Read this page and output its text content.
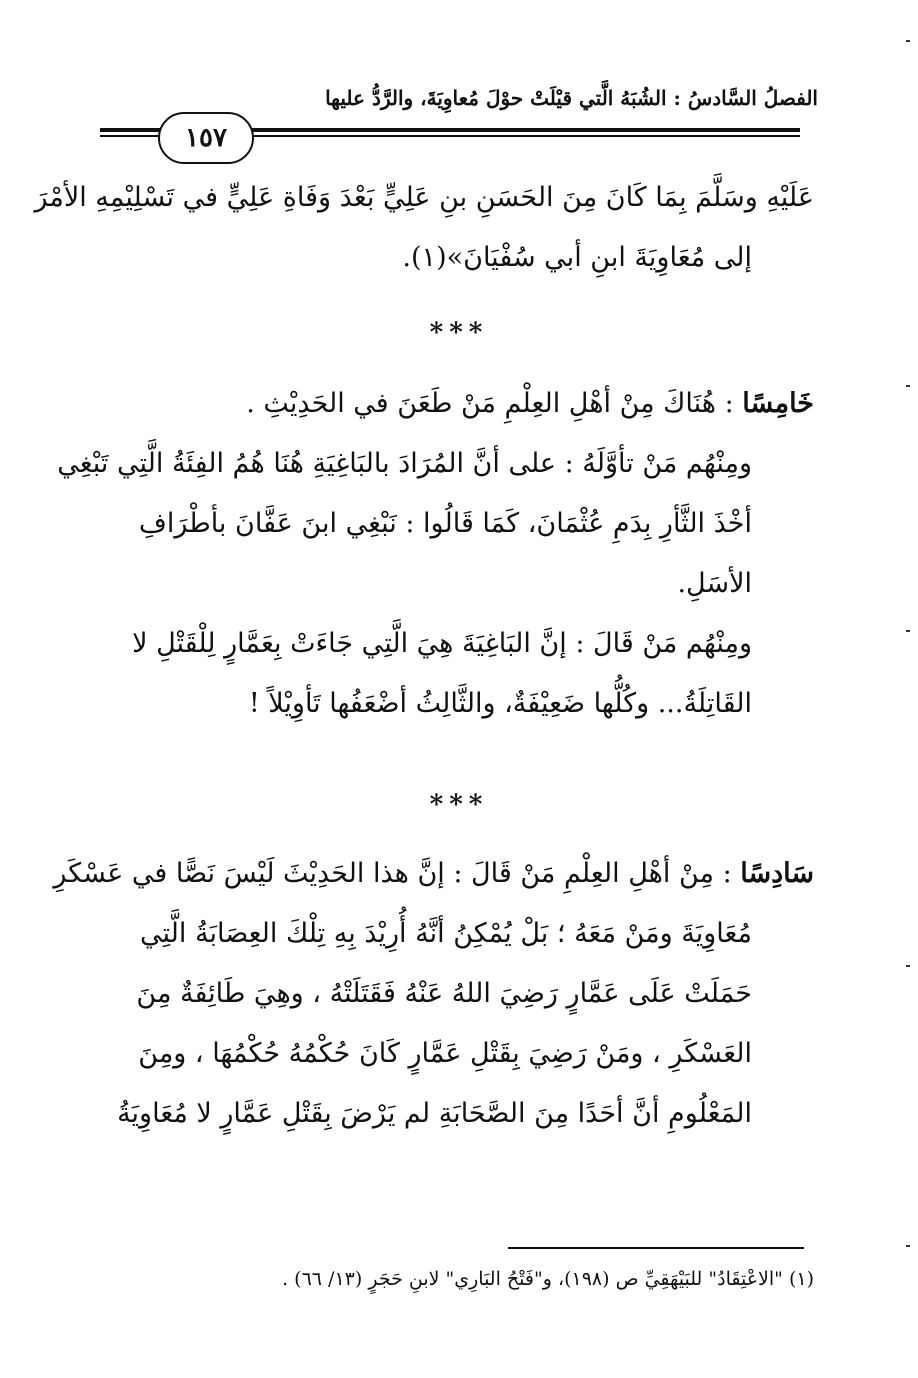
الفصلُ السَّادسُ : الشُبَهُ الَّتي قيْلَتْ حوْلَ مُعاوِيَةَ، والرَّدُّ عليها
١٥٧
عَلَيْهِ وسَلَّمَ بِمَا كَانَ مِنَ الحَسَنِ بنِ عَلِيٍّ بَعْدَ وَفَاةِ عَلِيٍّ في تَسْلِيْمِهِ الأمْرَ
إلى مُعَاوِيَةَ ابنِ أبي سُفْيَانَ»(١).
***
خَامِسًا : هُنَاكَ مِنْ أهْلِ العِلْمِ مَنْ طَعَنَ في الحَدِيْثِ .
ومِنْهُم مَنْ تأوَّلَهُ : على أنَّ المُرَادَ بالبَاغِيَةِ هُنَا هُمُ الفِئَةُ الَّتِي تَبْغِي
أخْذَ الثَّأرِ بِدَمِ عُثْمَانَ، كَمَا قَالُوا : نَبْغِي ابنَ عَفَّانَ بأطْرَافِ
الأسَلِ.
ومِنْهُم مَنْ قَالَ : إنَّ البَاغِيَةَ هِيَ الَّتِي جَاءَتْ بِعَمَّارٍ لِلْقَتْلِ لا
القَاتِلَةُ... وكُلُّها ضَعِيْفَةٌ، والثَّالِثُ أضْعَفُها تَأوِيْلاً !
***
سَادِسًا : مِنْ أهْلِ العِلْمِ مَنْ قَالَ : إنَّ هذا الحَدِيْثَ لَيْسَ نَصًّا في عَسْكَرِ
مُعَاوِيَةَ ومَنْ مَعَهُ ؛ بَلْ يُمْكِنُ أنَّهُ أُرِيْدَ بِهِ تِلْكَ العِصَابَةُ الَّتِي
حَمَلَتْ عَلَى عَمَّارٍ رَضِيَ اللهُ عَنْهُ فَقَتَلَتْهُ ، وهِيَ طَائِفَةٌ مِنَ
العَسْكَرِ ، ومَنْ رَضِيَ بِقَتْلِ عَمَّارٍ كَانَ حُكْمُهُ حُكْمُهَا ، ومِنَ
المَعْلُومِ أنَّ أحَدًا مِنَ الصَّحَابَةِ لم يَرْضَ بِقَتْلِ عَمَّارٍ لا مُعَاوِيَةُ
(١) "الاعْتِقَادُ" للبَيْهَقِيِّ ص (١٩٨)، و"فَتْحُ البَارِي" لابنِ حَجَرٍ (١٣/ ٦٦) .
